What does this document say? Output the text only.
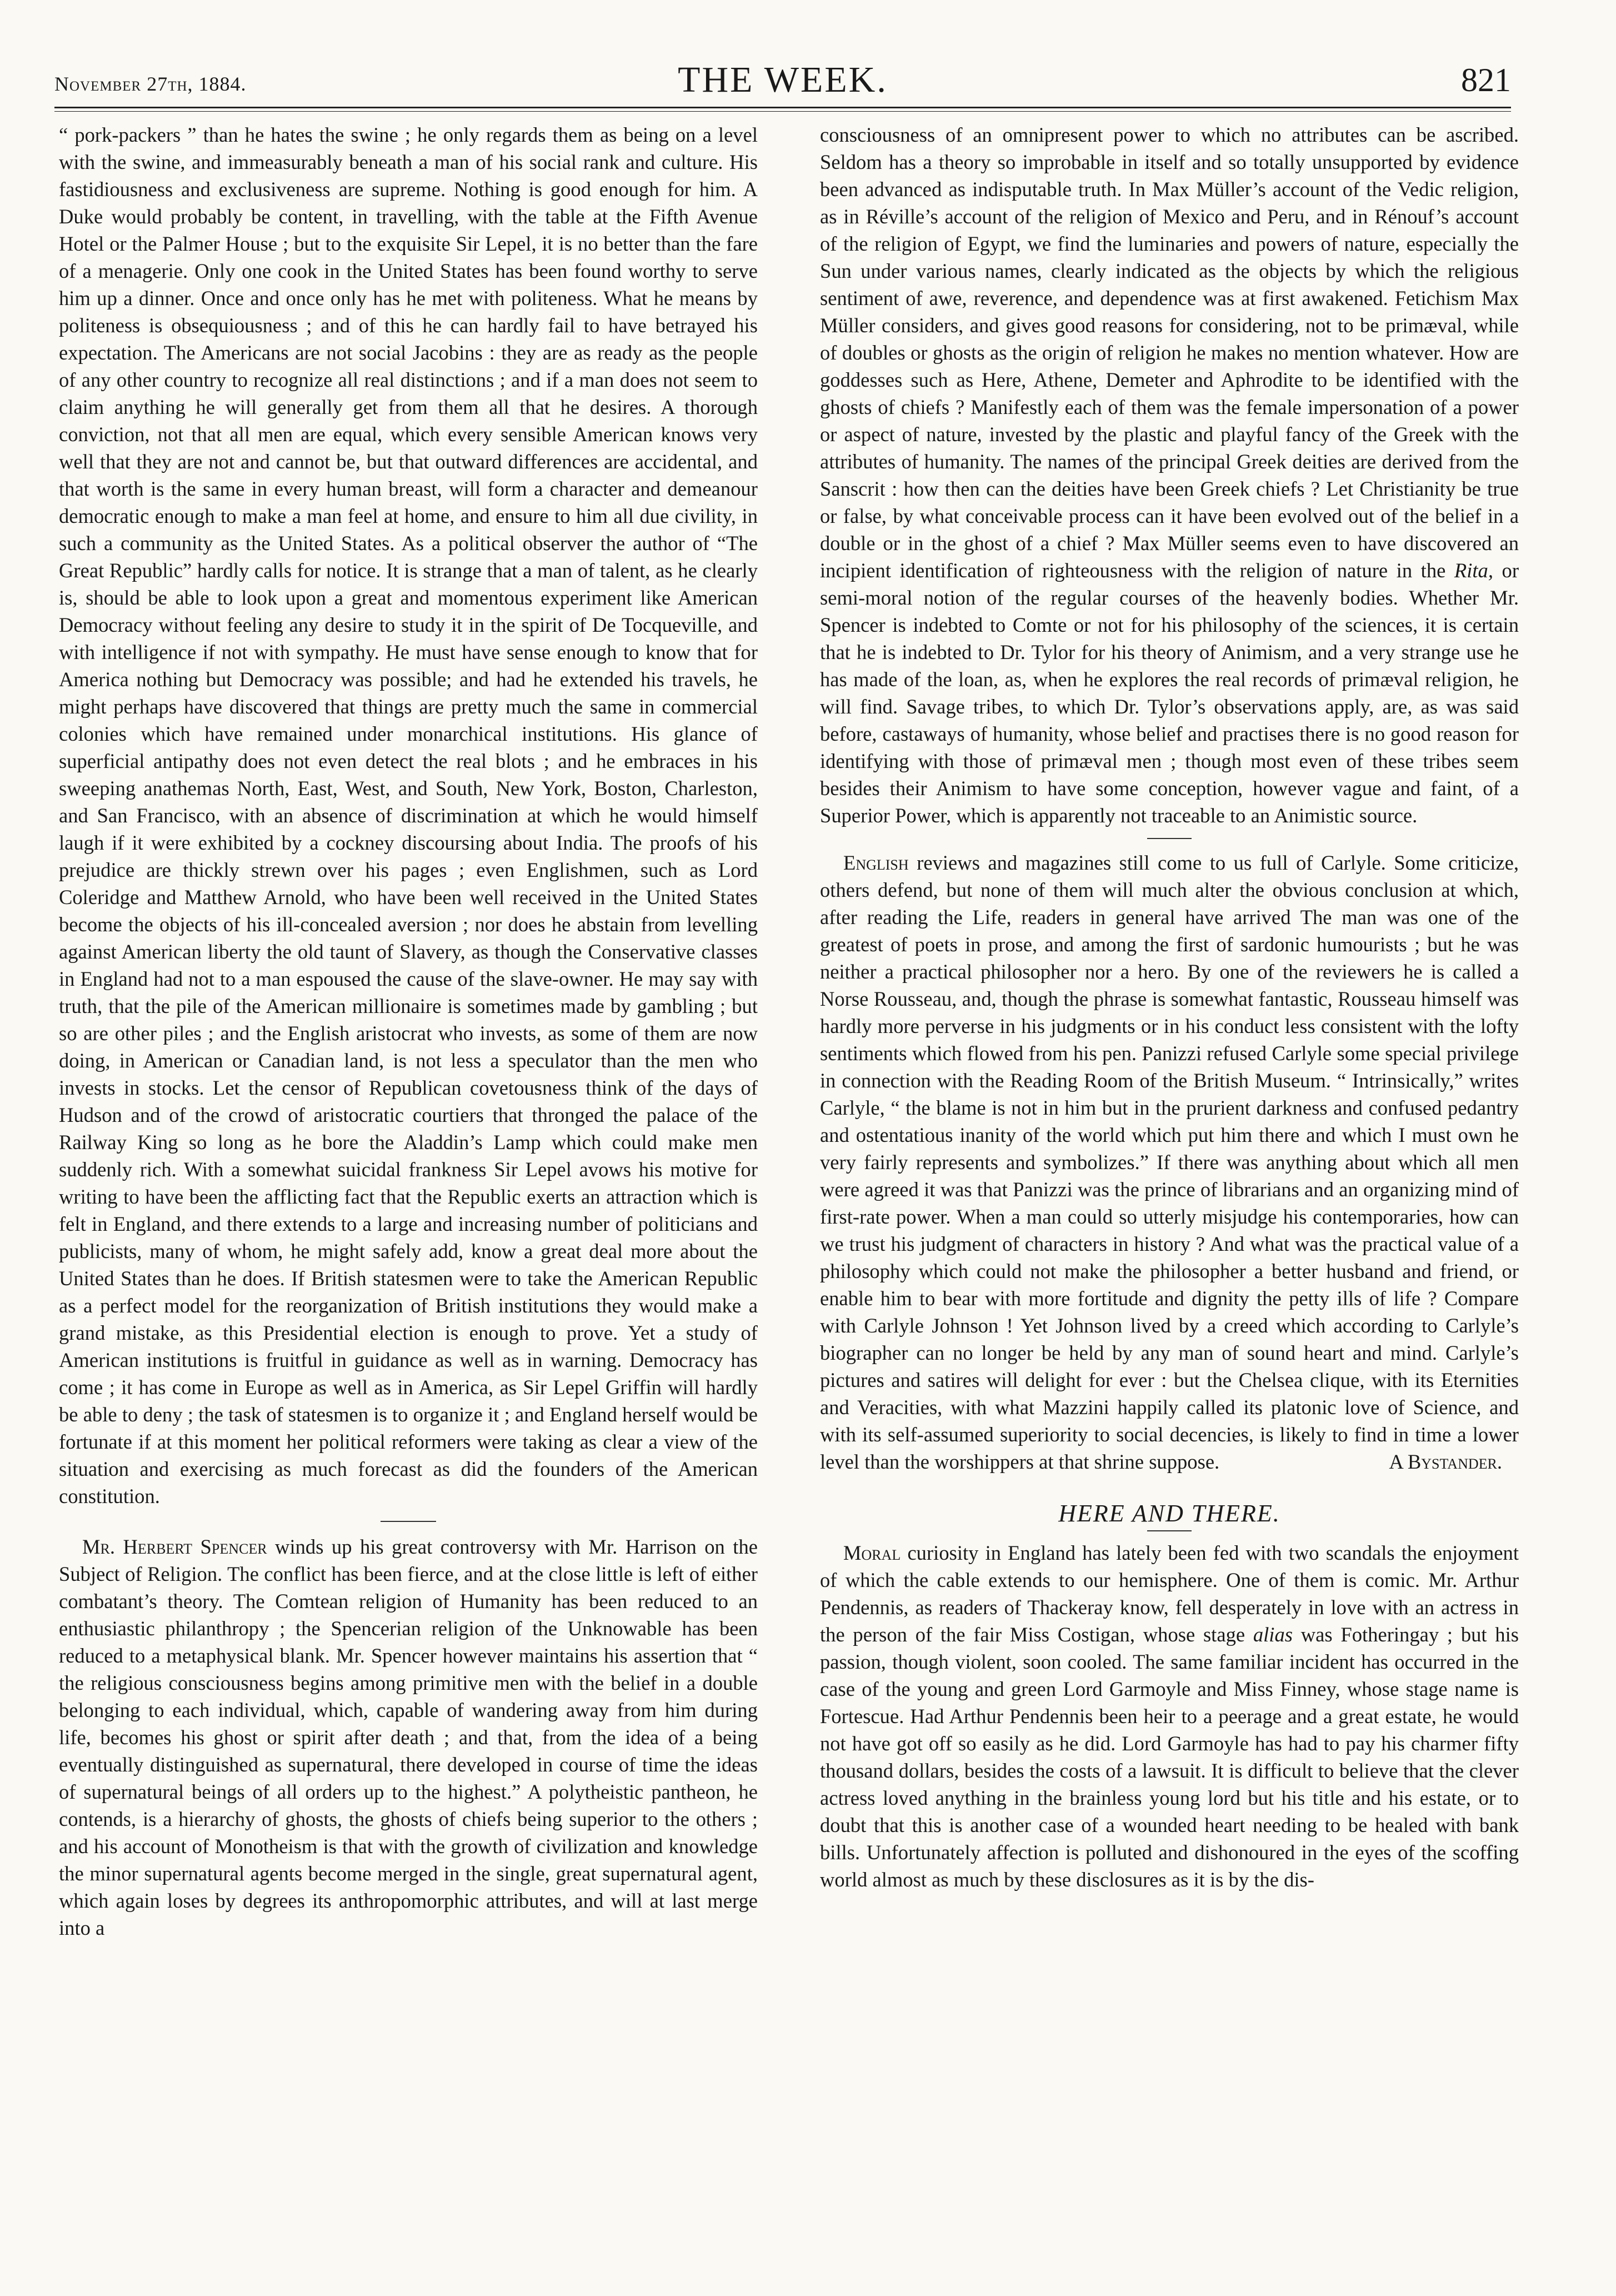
November 27th, 1884.	THE WEEK.	821

“ pork-packers ” than he hates the swine ; he only regards them as being on a level with the swine, and immeasurably beneath a man of his social rank and culture. His fastidiousness and exclusiveness are supreme. Nothing is good enough for him. A Duke would probably be content, in travelling, with the table at the Fifth Avenue Hotel or the Palmer House ; but to the exquisite Sir Lepel, it is no better than the fare of a menagerie. Only one cook in the United States has been found worthy to serve him up a dinner. Once and once only has he met with politeness. What he means by politeness is obsequiousness ; and of this he can hardly fail to have betrayed his expectation. The Americans are not social Jacobins : they are as ready as the people of any other country to recognize all real distinctions ; and if a man does not seem to claim anything he will generally get from them all that he desires. A thorough conviction, not that all men are equal, which every sensible American knows very well that they are not and cannot be, but that outward differences are accidental, and that worth is the same in every human breast, will form a character and demeanour democratic enough to make a man feel at home, and ensure to him all due civility, in such a community as the United States. As a political observer the author of “The Great Republic” hardly calls for notice. It is strange that a man of talent, as he clearly is, should be able to look upon a great and momentous experiment like American Democracy without feeling any desire to study it in the spirit of De Tocqueville, and with intelligence if not with sympathy. He must have sense enough to know that for America nothing but Democracy was possible; and had he extended his travels, he might perhaps have discovered that things are pretty much the same in commercial colonies which have remained under monarchical institutions. His glance of superficial antipathy does not even detect the real blots ; and he embraces in his sweeping anathemas North, East, West, and South, New York, Boston, Charleston, and San Francisco, with an absence of discrimination at which he would himself laugh if it were exhibited by a cockney discoursing about India. The proofs of his prejudice are thickly strewn over his pages ; even Englishmen, such as Lord Coleridge and Matthew Arnold, who have been well received in the United States become the objects of his ill-concealed aversion ; nor does he abstain from levelling against American liberty the old taunt of Slavery, as though the Conservative classes in England had not to a man espoused the cause of the slave-owner. He may say with truth, that the pile of the American millionaire is sometimes made by gambling ; but so are other piles ; and the English aristocrat who invests, as some of them are now doing, in American or Canadian land, is not less a speculator than the men who invests in stocks. Let the censor of Republican covetousness think of the days of Hudson and of the crowd of aristocratic courtiers that thronged the palace of the Railway King so long as he bore the Aladdin’s Lamp which could make men suddenly rich. With a somewhat suicidal frankness Sir Lepel avows his motive for writing to have been the afflicting fact that the Republic exerts an attraction which is felt in England, and there extends to a large and increasing number of politicians and publicists, many of whom, he might safely add, know a great deal more about the United States than he does. If British statesmen were to take the American Republic as a perfect model for the reorganization of British institutions they would make a grand mistake, as this Presidential election is enough to prove. Yet a study of American institutions is fruitful in guidance as well as in warning. Democracy has come ; it has come in Europe as well as in America, as Sir Lepel Griffin will hardly be able to deny ; the task of statesmen is to organize it ; and England herself would be fortunate if at this moment her political reformers were taking as clear a view of the situation and exercising as much forecast as did the founders of the American constitution.

Mr. Herbert Spencer winds up his great controversy with Mr. Harrison on the Subject of Religion. The conflict has been fierce, and at the close little is left of either combatant’s theory. The Comtean religion of Humanity has been reduced to an enthusiastic philanthropy ; the Spencerian religion of the Unknowable has been reduced to a metaphysical blank. Mr. Spencer however maintains his assertion that “ the religious consciousness begins among primitive men with the belief in a double belonging to each individual, which, capable of wandering away from him during life, becomes his ghost or spirit after death ; and that, from the idea of a being eventually distinguished as supernatural, there developed in course of time the ideas of supernatural beings of all orders up to the highest.” A polytheistic pantheon, he contends, is a hierarchy of ghosts, the ghosts of chiefs being superior to the others ; and his account of Monotheism is that with the growth of civilization and knowledge the minor supernatural agents become merged in the single, great supernatural agent, which again loses by degrees its anthropomorphic attributes, and will at last merge into a

consciousness of an omnipresent power to which no attributes can be ascribed. Seldom has a theory so improbable in itself and so totally unsupported by evidence been advanced as indisputable truth. In Max Müller’s account of the Vedic religion, as in Réville’s account of the religion of Mexico and Peru, and in Rénouf’s account of the religion of Egypt, we find the luminaries and powers of nature, especially the Sun under various names, clearly indicated as the objects by which the religious sentiment of awe, reverence, and dependence was at first awakened. Fetichism Max Müller considers, and gives good reasons for considering, not to be primæval, while of doubles or ghosts as the origin of religion he makes no mention whatever. How are goddesses such as Here, Athene, Demeter and Aphrodite to be identified with the ghosts of chiefs ? Manifestly each of them was the female impersonation of a power or aspect of nature, invested by the plastic and playful fancy of the Greek with the attributes of humanity. The names of the principal Greek deities are derived from the Sanscrit : how then can the deities have been Greek chiefs ? Let Christianity be true or false, by what conceivable process can it have been evolved out of the belief in a double or in the ghost of a chief ? Max Müller seems even to have discovered an incipient identification of righteousness with the religion of nature in the Rita, or semi-moral notion of the regular courses of the heavenly bodies. Whether Mr. Spencer is indebted to Comte or not for his philosophy of the sciences, it is certain that he is indebted to Dr. Tylor for his theory of Animism, and a very strange use he has made of the loan, as, when he explores the real records of primæval religion, he will find. Savage tribes, to which Dr. Tylor’s observations apply, are, as was said before, castaways of humanity, whose belief and practises there is no good reason for identifying with those of primæval men ; though most even of these tribes seem besides their Animism to have some conception, however vague and faint, of a Superior Power, which is apparently not traceable to an Animistic source.

English reviews and magazines still come to us full of Carlyle. Some criticize, others defend, but none of them will much alter the obvious conclusion at which, after reading the Life, readers in general have arrived The man was one of the greatest of poets in prose, and among the first of sardonic humourists ; but he was neither a practical philosopher nor a hero. By one of the reviewers he is called a Norse Rousseau, and, though the phrase is somewhat fantastic, Rousseau himself was hardly more perverse in his judgments or in his conduct less consistent with the lofty sentiments which flowed from his pen. Panizzi refused Carlyle some special privilege in connection with the Reading Room of the British Museum. “ Intrinsically,” writes Carlyle, “ the blame is not in him but in the prurient darkness and confused pedantry and ostentatious inanity of the world which put him there and which I must own he very fairly represents and symbolizes.” If there was anything about which all men were agreed it was that Panizzi was the prince of librarians and an organizing mind of first-rate power. When a man could so utterly misjudge his contemporaries, how can we trust his judgment of characters in history ? And what was the practical value of a philosophy which could not make the philosopher a better husband and friend, or enable him to bear with more fortitude and dignity the petty ills of life ? Compare with Carlyle Johnson ! Yet Johnson lived by a creed which according to Carlyle’s biographer can no longer be held by any man of sound heart and mind. Carlyle’s pictures and satires will delight for ever : but the Chelsea clique, with its Eternities and Veracities, with what Mazzini happily called its platonic love of Science, and with its self-assumed superiority to social decencies, is likely to find in time a lower level than the worshippers at that shrine suppose.	A Bystander.

HERE AND THERE.

Moral curiosity in England has lately been fed with two scandals the enjoyment of which the cable extends to our hemisphere. One of them is comic. Mr. Arthur Pendennis, as readers of Thackeray know, fell desperately in love with an actress in the person of the fair Miss Costigan, whose stage alias was Fotheringay ; but his passion, though violent, soon cooled. The same familiar incident has occurred in the case of the young and green Lord Garmoyle and Miss Finney, whose stage name is Fortescue. Had Arthur Pendennis been heir to a peerage and a great estate, he would not have got off so easily as he did. Lord Garmoyle has had to pay his charmer fifty thousand dollars, besides the costs of a lawsuit. It is difficult to believe that the clever actress loved anything in the brainless young lord but his title and his estate, or to doubt that this is another case of a wounded heart needing to be healed with bank bills. Unfortunately affection is polluted and dishonoured in the eyes of the scoffing world almost as much by these disclosures as it is by the dis-
